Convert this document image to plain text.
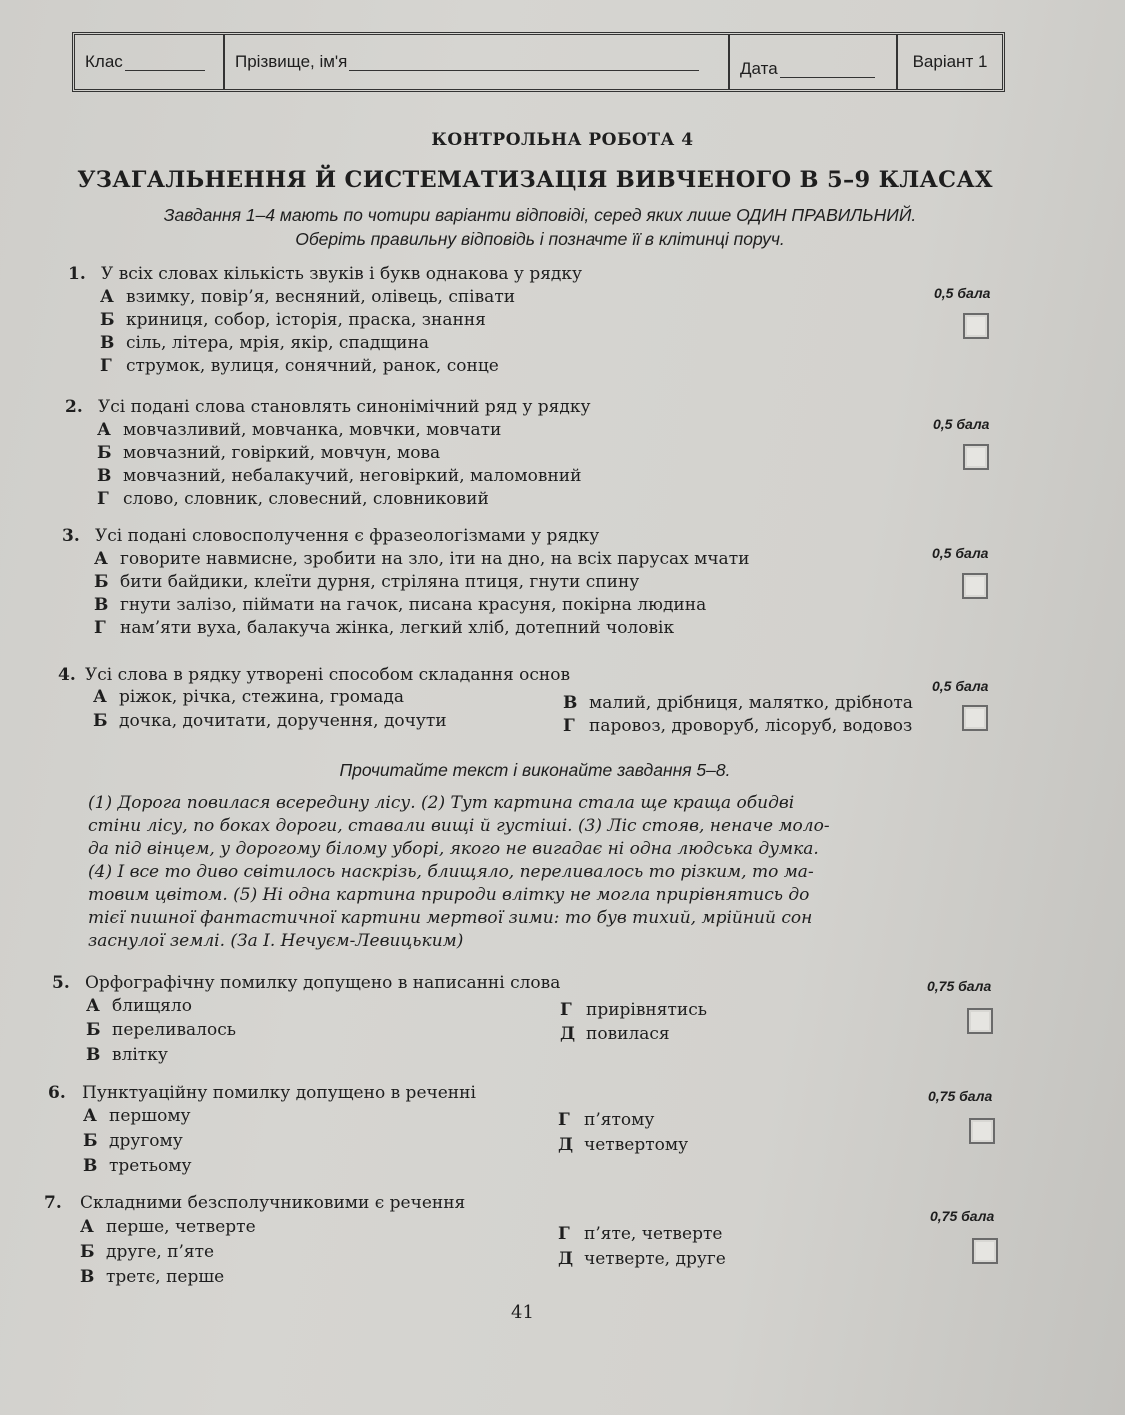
Клас	Прізвище, ім'я	Дата	Варіант 1
КОНТРОЛЬНА РОБОТА 4
УЗАГАЛЬНЕННЯ Й СИСТЕМАТИЗАЦІЯ ВИВЧЕНОГО В 5–9 КЛАСАХ
Завдання 1–4 мають по чотири варіанти відповіді, серед яких лише ОДИН ПРАВИЛЬНИЙ.
Оберіть правильну відповідь і позначте її в клітинці поруч.
1. У всіх словах кількість звуків і букв однакова у рядку
А взимку, повір’я, весняний, олівець, співати
Б криниця, собор, історія, праска, знання
В сіль, літера, мрія, якір, спадщина
Г струмок, вулиця, сонячний, ранок, сонце
0,5 бала
2. Усі подані слова становлять синонімічний ряд у рядку
А мовчазливий, мовчанка, мовчки, мовчати
Б мовчазний, говіркий, мовчун, мова
В мовчазний, небалакучий, неговіркий, маломовний
Г слово, словник, словесний, словниковий
0,5 бала
3. Усі подані словосполучення є фразеологізмами у рядку
А говорите навмисне, зробити на зло, іти на дно, на всіх парусах мчати
Б бити байдики, клеїти дурня, стріляна птиця, гнути спину
В гнути залізо, піймати на гачок, писана красуня, покірна людина
Г нам’яти вуха, балакуча жінка, легкий хліб, дотепний чоловік
0,5 бала
4. Усі слова в рядку утворені способом складання основ
А ріжок, річка, стежина, громада
Б дочка, дочитати, доручення, дочути
В малий, дрібниця, малятко, дрібнота
Г паровоз, дроворуб, лісоруб, водовоз
0,5 бала
Прочитайте текст і виконайте завдання 5–8.
(1) Дорога повилася всередину лісу. (2) Тут картина стала ще краща обидві
стіни лісу, по боках дороги, ставали вищі й густіші. (3) Ліс стояв, неначе моло-
да під вінцем, у дорогому білому уборі, якого не вигадає ні одна людська думка.
(4) І все то диво світилось наскрізь, блищяло, переливалось то різким, то ма-
товим цвітом. (5) Ні одна картина природи влітку не могла прирівнятись до
тієї пишної фантастичної картини мертвої зими: то був тихий, мрійний сон
заснулої землі. (За І. Нечуєм-Левицьким)
5. Орфографічну помилку допущено в написанні слова
А блищяло
Б переливалось
В влітку
Г прирівнятись
Д повилася
0,75 бала
6. Пунктуаційну помилку допущено в реченні
А першому
Б другому
В третьому
Г п’ятому
Д четвертому
0,75 бала
7. Складними безсполучниковими є речення
А перше, четверте
Б друге, п’яте
В третє, перше
Г п’яте, четверте
Д четверте, друге
0,75 бала
41
